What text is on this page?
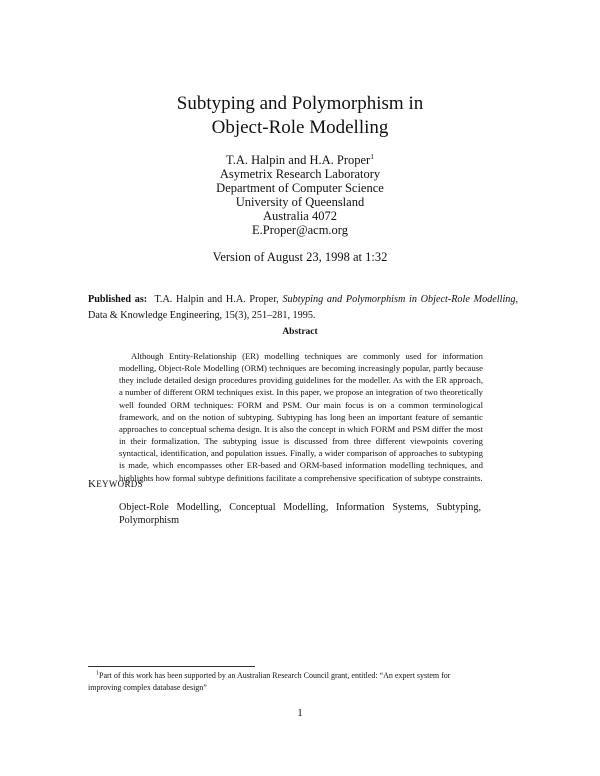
Subtyping and Polymorphism in
Object-Role Modelling
T.A. Halpin and H.A. Proper$^1$
Asymetrix Research Laboratory
Department of Computer Science
University of Queensland
Australia 4072
E.Proper@acm.org
Version of August 23, 1998 at 1:32
Published as: T.A. Halpin and H.A. Proper, Subtyping and Polymorphism in Object-Role Modelling, Data & Knowledge Engineering, 15(3), 251–281, 1995.
Abstract
Although Entity-Relationship (ER) modelling techniques are commonly used for information modelling, Object-Role Modelling (ORM) techniques are becoming increasingly popular, partly because they include detailed design procedures providing guidelines for the modeller. As with the ER approach, a number of different ORM techniques exist. In this paper, we propose an integration of two theoretically well founded ORM techniques: FORM and PSM. Our main focus is on a common terminological framework, and on the notion of subtyping. Subtyping has long been an important feature of semantic approaches to conceptual schema design. It is also the concept in which FORM and PSM differ the most in their formalization. The subtyping issue is discussed from three different viewpoints covering syntactical, identification, and population issues. Finally, a wider comparison of approaches to subtyping is made, which encompasses other ER-based and ORM-based information modelling techniques, and highlights how formal subtype definitions facilitate a comprehensive specification of subtype constraints.
KEYWORDS
Object-Role Modelling, Conceptual Modelling, Information Systems, Subtyping, Polymorphism
$^1$Part of this work has been supported by an Australian Research Council grant, entitled: “An expert system for improving complex database design”
1
